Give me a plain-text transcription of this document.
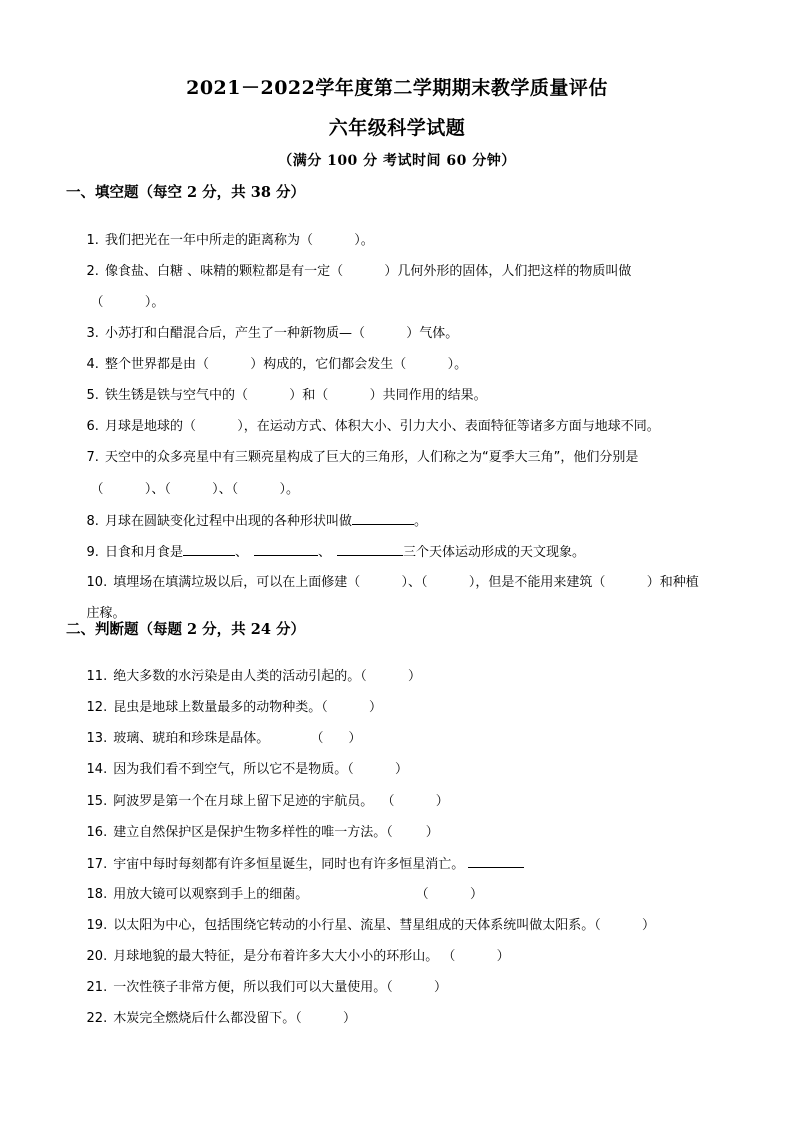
2021－2022学年度第二学期期末教学质量评估
六年级科学试题
（满分 100 分 考试时间 60 分钟）
一、填空题（每空 2 分，共 38 分）

1. 我们把光在一年中所走的距离称为（          ）。

2. 像食盐、白糖 、味精的颗粒都是有一定（          ）几何外形的固体，人们把这样的物质叫做

（          ）。

3. 小苏打和白醋混合后，产生了一种新物质—（          ）气体。

4. 整个世界都是由（          ）构成的，它们都会发生（          ）。

5. 铁生锈是铁与空气中的（          ）和（          ）共同作用的结果。

6. 月球是地球的（          ），在运动方式、体积大小、引力大小、表面特征等诸多方面与地球不同。

7. 天空中的众多亮星中有三颗亮星构成了巨大的三角形，人们称之为“夏季大三角”，他们分别是

（          ）、（          ）、（          ）。

8. 月球在圆缺变化过程中出现的各种形状叫做	。

9. 日食和月食是	、	、	三个天体运动形成的天文现象。

10. 填埋场在填满垃圾以后，可以在上面修建（          ）、（          ），但是不能用来建筑（          ）和种植

庄稼。

二、判断题（每题 2 分，共 24 分）

11. 绝大多数的水污染是由人类的活动引起的。（          ）

12. 昆虫是地球上数量最多的动物种类。（          ）

13. 玻璃、琥珀和珍珠是晶体。          （      ）

14. 因为我们看不到空气，所以它不是物质。（          ）

15. 阿波罗是第一个在月球上留下足迹的宇航员。  （          ）

16. 建立自然保护区是保护生物多样性的唯一方法。（        ）

17. 宇宙中每时每刻都有许多恒星诞生，同时也有许多恒星消亡。

18. 用放大镜可以观察到手上的细菌。                          （          ）

19. 以太阳为中心，包括围绕它转动的小行星、流星、彗星组成的天体系统叫做太阳系。（          ）

20. 月球地貌的最大特征，是分布着许多大大小小的环形山。 （          ）

21. 一次性筷子非常方便，所以我们可以大量使用。（          ）

22. 木炭完全燃烧后什么都没留下。（          ）
